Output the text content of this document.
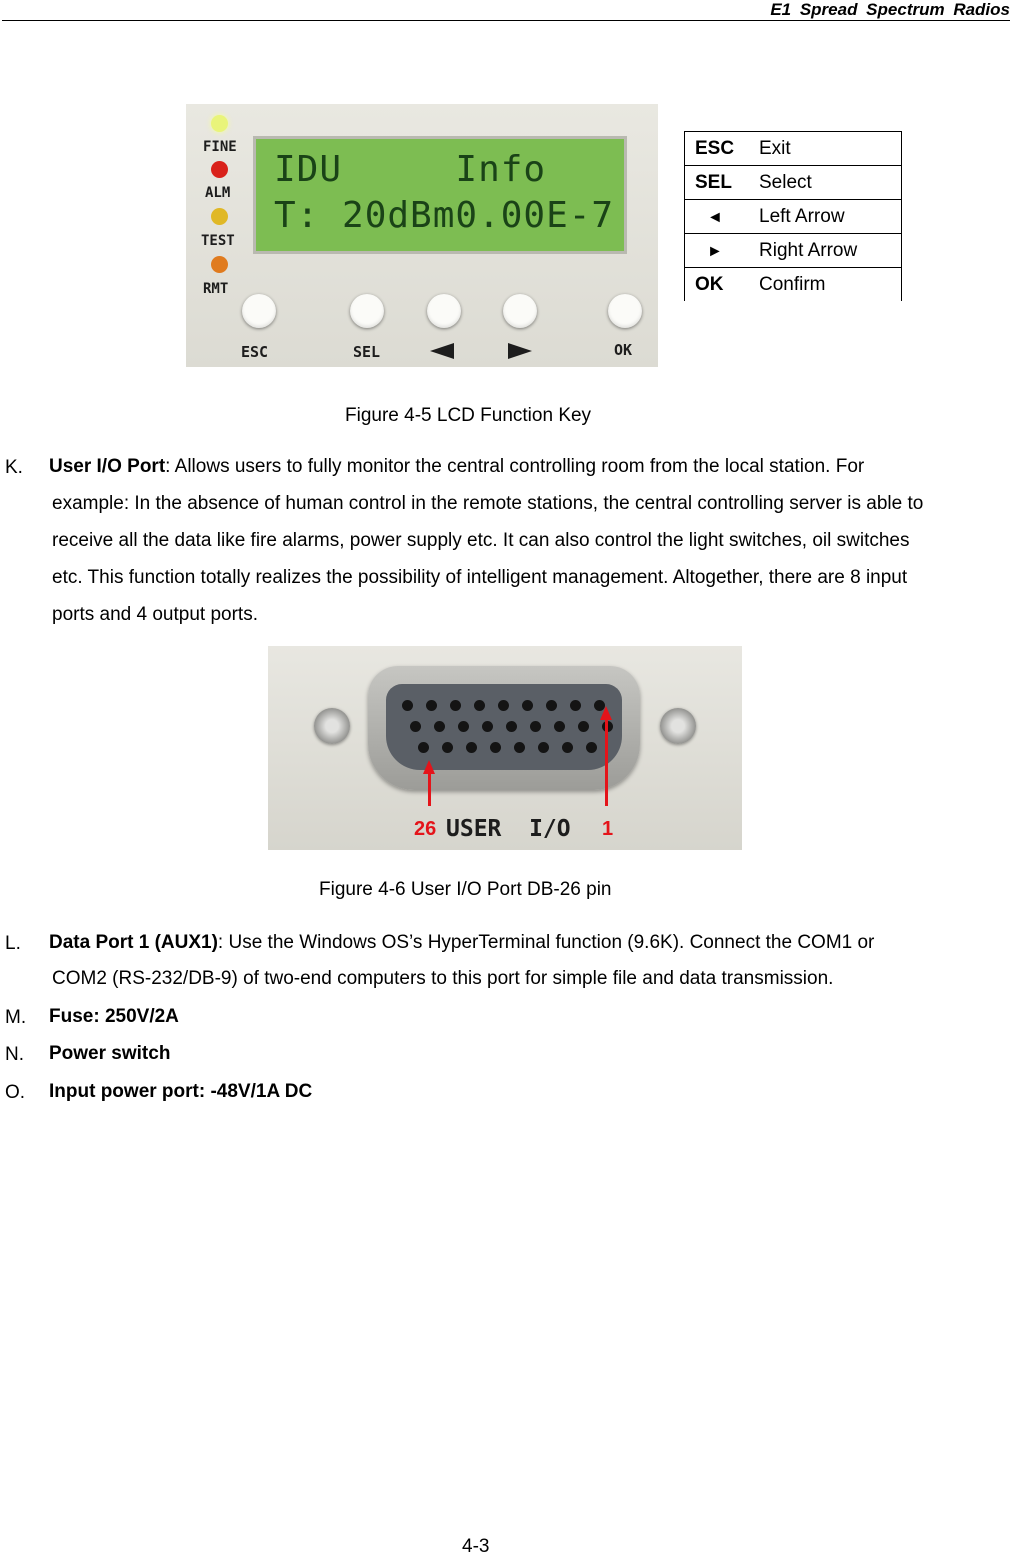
E1 Spread Spectrum Radios
FINE
ALM
TEST
RMT
IDU     Info
T: 20dBm0.00E-7
ESC	SEL	OK
ESC Exit
SEL Select
◄ Left Arrow
► Right Arrow
OK Confirm
Figure 4-5 LCD Function Key
K. User I/O Port: Allows users to fully monitor the central controlling room from the local station. For
example: In the absence of human control in the remote stations, the central controlling server is able to
receive all the data like fire alarms, power supply etc. It can also control the light switches, oil switches
etc. This function totally realizes the possibility of intelligent management. Altogether, there are 8 input
ports and 4 output ports.
26 USER  I/O 1
Figure 4-6 User I/O Port DB-26 pin
L. Data Port 1 (AUX1): Use the Windows OS’s HyperTerminal function (9.6K). Connect the COM1 or
COM2 (RS-232/DB-9) of two-end computers to this port for simple file and data transmission.
M. Fuse: 250V/2A
N. Power switch
O. Input power port: -48V/1A DC
4-3
